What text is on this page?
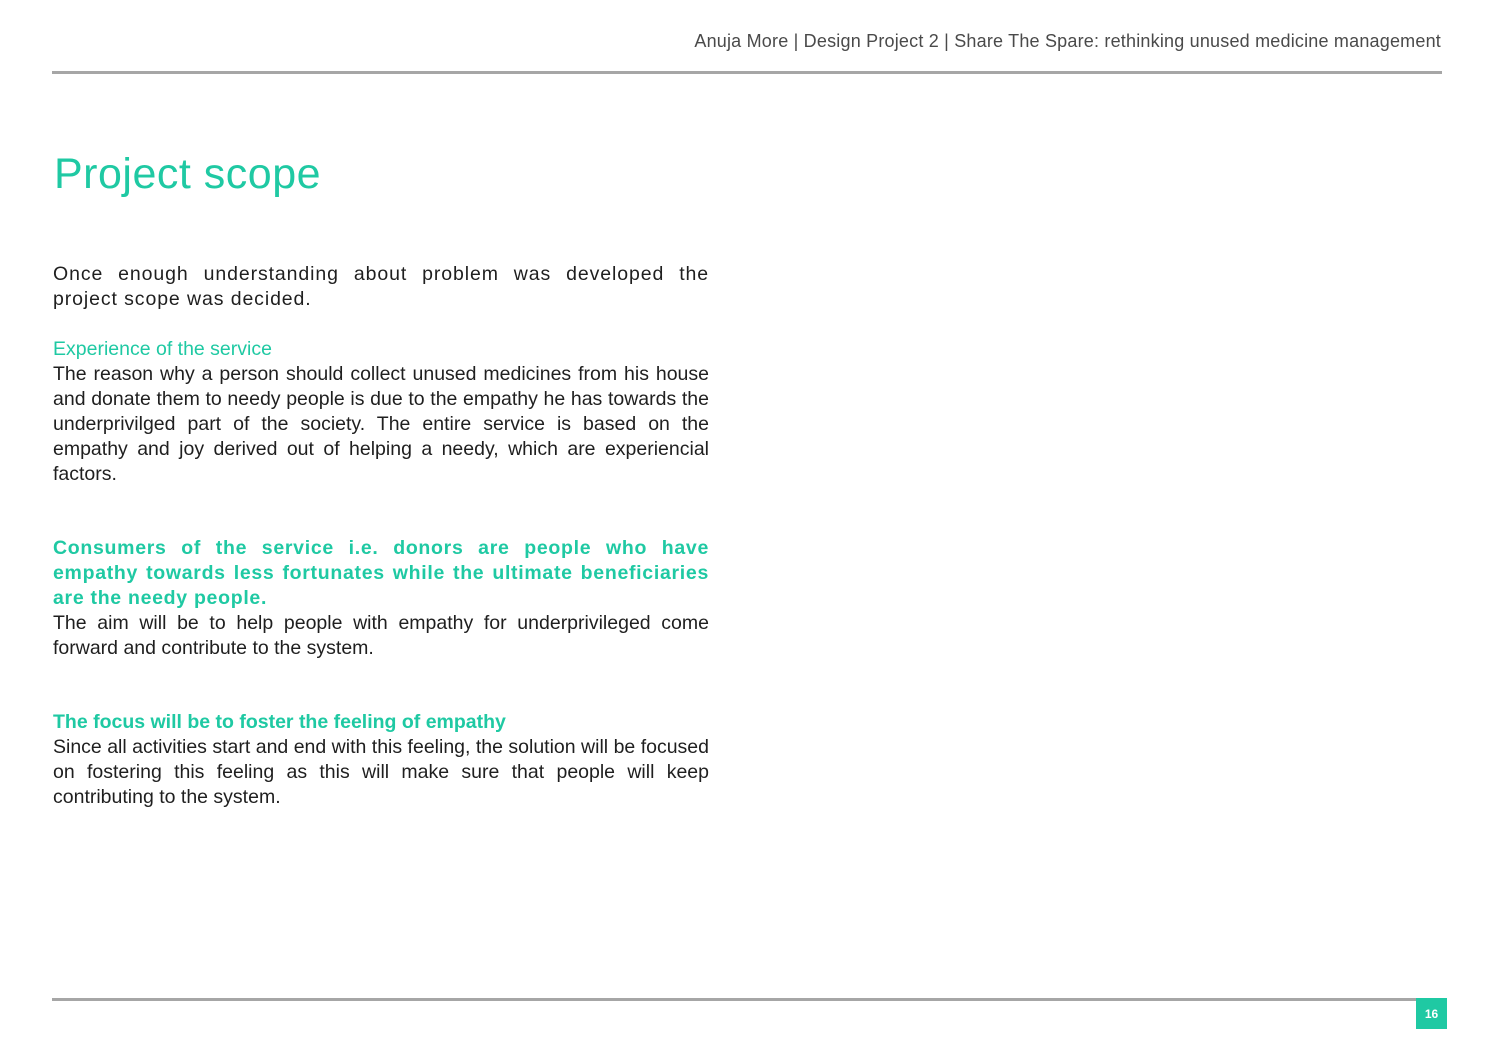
Anuja More | Design Project 2 | Share The Spare: rethinking unused medicine management
Project scope

Once enough understanding about problem was developed the project scope was decided.

Experience of the service

The reason why a person should collect unused medicines from his house and donate them to needy people is due to the empathy he has towards the underprivilged part of the society. The entire service is based on the empathy and joy derived out of helping a needy, which are experiencial factors.

Consumers of the service i.e. donors are people who have empathy towards less fortunates while the ultimate beneficiaries are the needy people.

The aim will be to help people with empathy for underprivileged come forward and contribute to the system.

The focus will be to foster the feeling of empathy

Since all activities start and end with this feeling, the solution will be focused on fostering this feeling as this will make sure that people will keep contributing to the system.

16
